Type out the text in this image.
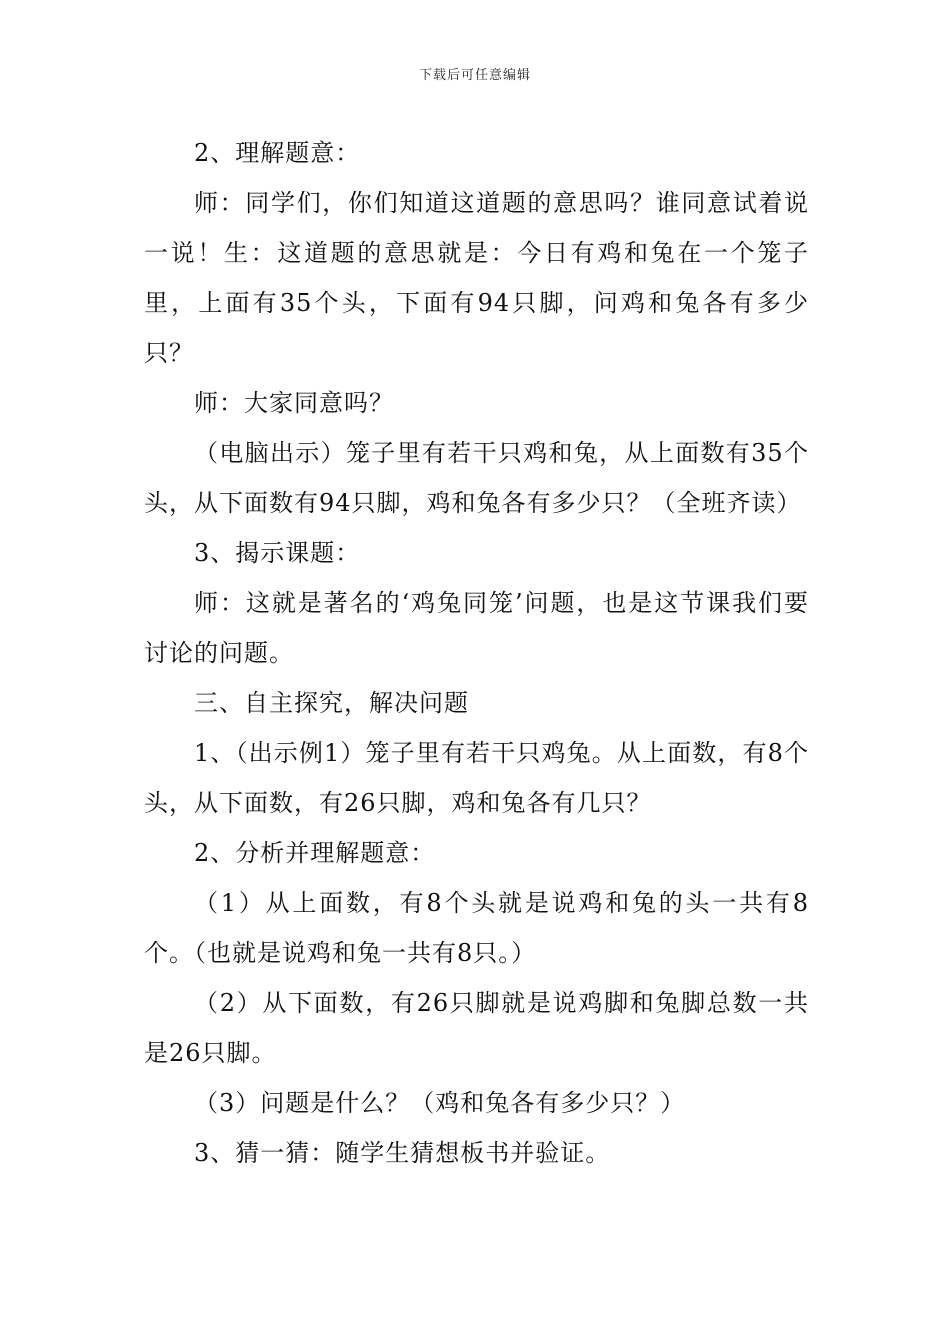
下载后可任意编辑

2、理解题意：

师：同学们，你们知道这道题的意思吗？谁同意试着说一说！生：这道题的意思就是：今日有鸡和兔在一个笼子里，上面有35个头，下面有94只脚，问鸡和兔各有多少只？

师：大家同意吗？

（电脑出示）笼子里有若干只鸡和兔，从上面数有35个头，从下面数有94只脚，鸡和兔各有多少只？（全班齐读）

3、揭示课题：

师：这就是著名的‘鸡兔同笼’问题，也是这节课我们要讨论的问题。

三、自主探究，解决问题

1、（出示例1）笼子里有若干只鸡兔。从上面数，有8个头，从下面数，有26只脚，鸡和兔各有几只？

2、分析并理解题意：

（1）从上面数，有8个头就是说鸡和兔的头一共有8个。（也就是说鸡和兔一共有8只。）

（2）从下面数，有26只脚就是说鸡脚和兔脚总数一共是26只脚。

（3）问题是什么？（鸡和兔各有多少只？）

3、猜一猜：随学生猜想板书并验证。
